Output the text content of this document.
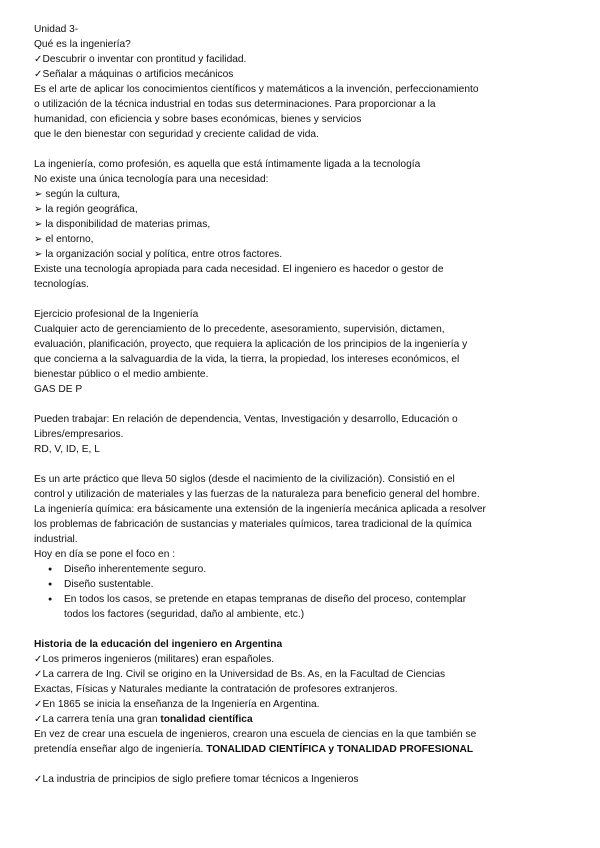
Unidad 3-

Qué es la ingeniería?

✓Descubrir o inventar con prontitud y facilidad.

✓Señalar a máquinas o artificios mecánicos

Es el arte de aplicar los conocimientos científicos y matemáticos a la invención, perfeccionamiento

o utilización de la técnica industrial en todas sus determinaciones. Para proporcionar a la

humanidad, con eficiencia y sobre bases económicas, bienes y servicios

que le den bienestar con seguridad y creciente calidad de vida.

La ingeniería, como profesión, es aquella que está íntimamente ligada a la tecnología

No existe una única tecnología para una necesidad:

➢ según la cultura,

➢ la región geográfica,

➢ la disponibilidad de materias primas,

➢ el entorno,

➢ la organización social y política, entre otros factores.

Existe una tecnología apropiada para cada necesidad. El ingeniero es hacedor o gestor de

tecnologías.

Ejercicio profesional de la Ingeniería

Cualquier acto de gerenciamiento de lo precedente, asesoramiento, supervisión, dictamen,

evaluación, planificación, proyecto, que requiera la aplicación de los principios de la ingeniería y

que concierna a la salvaguardia de la vida, la tierra, la propiedad, los intereses económicos, el

bienestar público o el medio ambiente.

GAS DE P

Pueden trabajar: En relación de dependencia, Ventas, Investigación y desarrollo, Educación o

Libres/empresarios.

RD, V, ID, E, L

Es un arte práctico que lleva 50 siglos (desde el nacimiento de la civilización). Consistió en el

control y utilización de materiales y las fuerzas de la naturaleza para beneficio general del hombre.

La ingeniería química: era básicamente una extensión de la ingeniería mecánica aplicada a resolver

los problemas de fabricación de sustancias y materiales químicos, tarea tradicional de la química

industrial.

Hoy en día se pone el foco en :

● Diseño inherentemente seguro.
● Diseño sustentable.
● En todos los casos, se pretende en etapas tempranas de diseño del proceso, contemplar
todos los factores (seguridad, daño al ambiente, etc.)

Historia de la educación del ingeniero en Argentina

✓Los primeros ingenieros (militares) eran españoles.

✓La carrera de Ing. Civil se origino en la Universidad de Bs. As, en la Facultad de Ciencias

Exactas, Físicas y Naturales mediante la contratación de profesores extranjeros.

✓En 1865 se inicia la enseñanza de la Ingeniería en Argentina.

✓La carrera tenía una gran tonalidad científica

En vez de crear una escuela de ingenieros, crearon una escuela de ciencias en la que también se

pretendía enseñar algo de ingeniería. TONALIDAD CIENTÍFICA y TONALIDAD PROFESIONAL

✓La industria de principios de siglo prefiere tomar técnicos a Ingenieros
